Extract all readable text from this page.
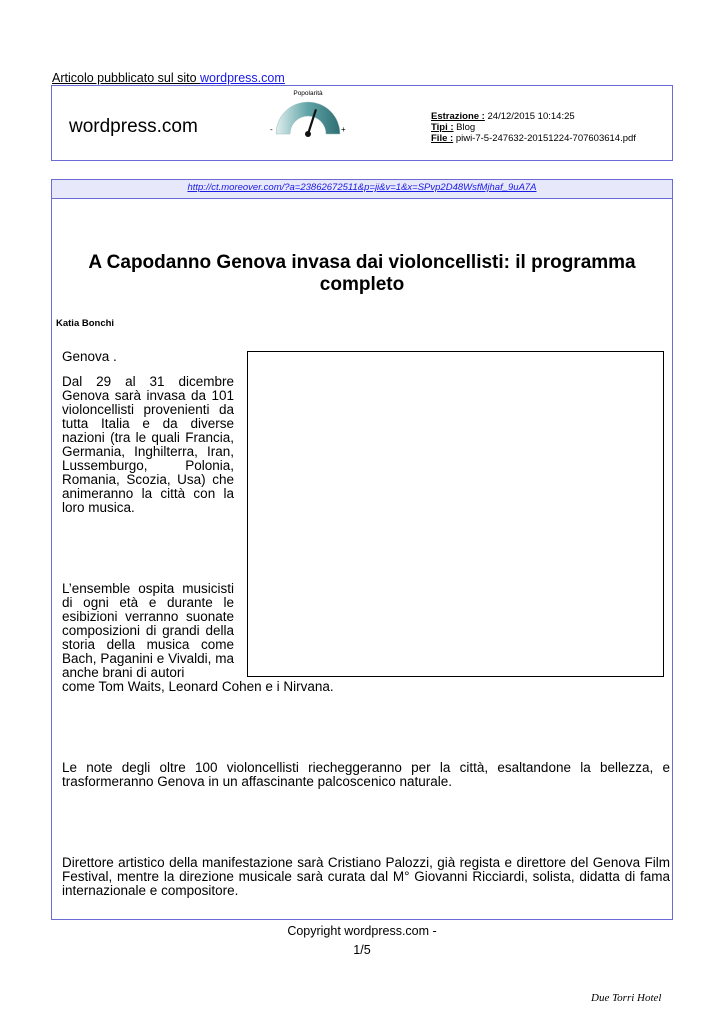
Articolo pubblicato sul sito wordpress.com
wordpress.com
Popolarità
-	+
Estrazione : 24/12/2015 10:14:25
Tipi : Blog
File : piwi-7-5-247632-20151224-707603614.pdf
http://ct.moreover.com/?a=23862672511&p=ji&v=1&x=SPvp2D48WsfMjhaf_9uA7A
A Capodanno Genova invasa dai violoncellisti: il programma completo
Katia Bonchi
Genova .
Dal 29 al 31 dicembre Genova sarà invasa da 101 violoncellisti provenienti da tutta Italia e da diverse nazioni (tra le quali Francia, Germania, Inghilterra, Iran, Lussemburgo, Polonia, Romania, Scozia, Usa) che animeranno la città con la loro musica.
L’ensemble ospita musicisti di ogni età e durante le esibizioni verranno suonate composizioni di grandi della storia della musica come Bach, Paganini e Vivaldi, ma anche brani di autori
come Tom Waits, Leonard Cohen e i Nirvana.
Le note degli oltre 100 violoncellisti riecheggeranno per la città, esaltandone la bellezza, e trasformeranno Genova in un affascinante palcoscenico naturale.
Direttore artistico della manifestazione sarà Cristiano Palozzi, già regista e direttore del Genova Film Festival, mentre la direzione musicale sarà curata dal M° Giovanni Ricciardi, solista, didatta di fama internazionale e compositore.
Copyright wordpress.com -
1/5
Due Torri Hotel
